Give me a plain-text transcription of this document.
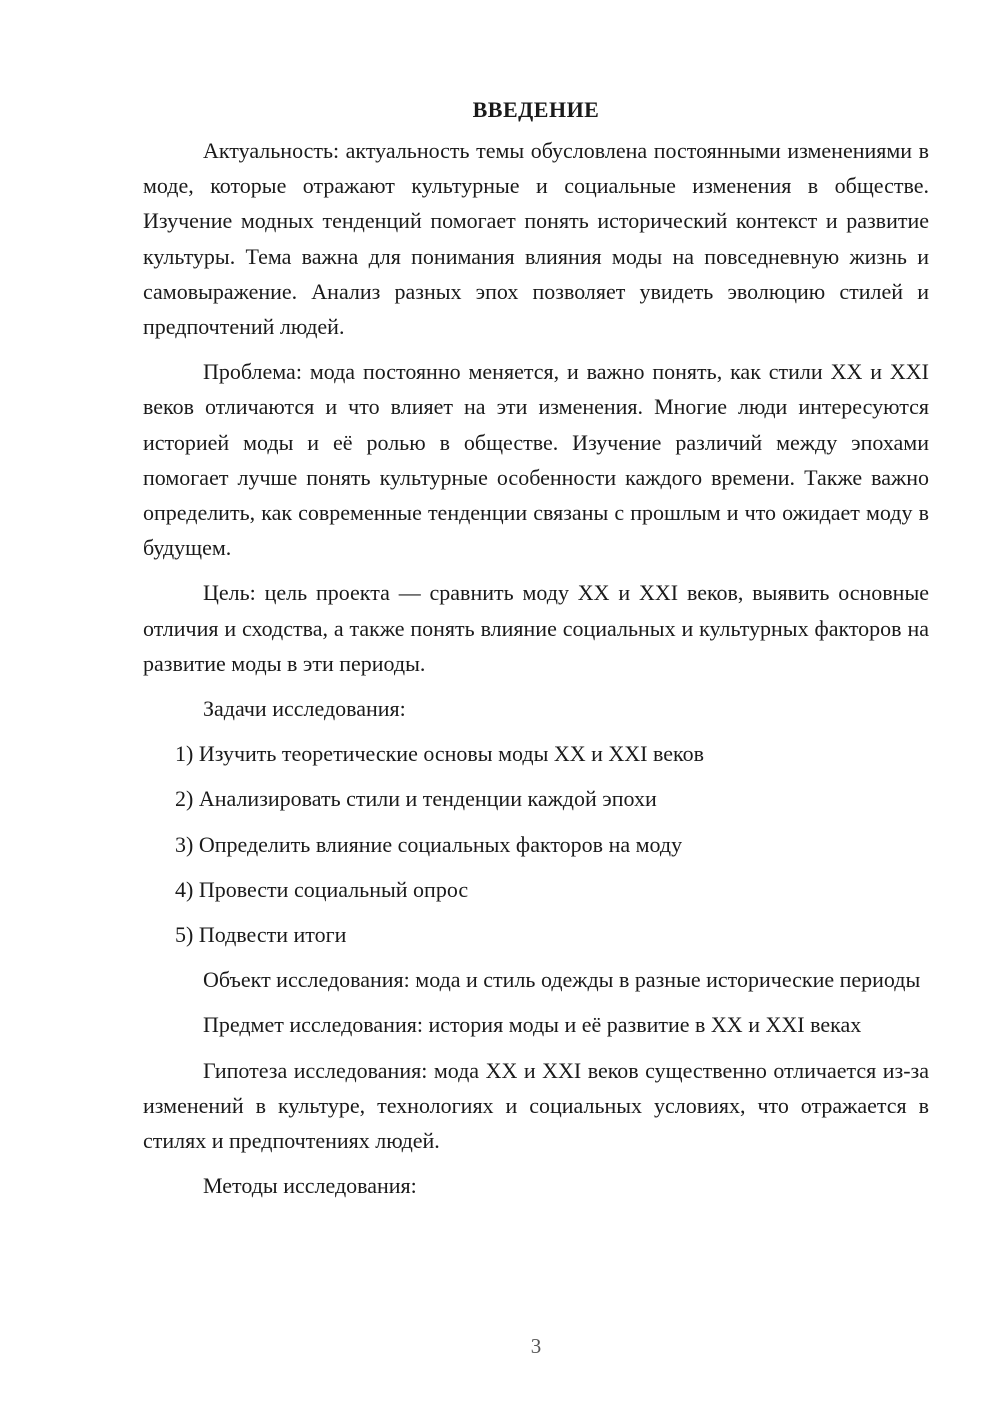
ВВЕДЕНИЕ

Актуальность: актуальность темы обусловлена постоянными изменениями в моде, которые отражают культурные и социальные изменения в обществе. Изучение модных тенденций помогает понять исторический контекст и развитие культуры. Тема важна для понимания влияния моды на повседневную жизнь и самовыражение. Анализ разных эпох позволяет увидеть эволюцию стилей и предпочтений людей.

Проблема: мода постоянно меняется, и важно понять, как стили XX и XXI веков отличаются и что влияет на эти изменения. Многие люди интересуются историей моды и её ролью в обществе. Изучение различий между эпохами помогает лучше понять культурные особенности каждого времени. Также важно определить, как современные тенденции связаны с прошлым и что ожидает моду в будущем.

Цель: цель проекта — сравнить моду XX и XXI веков, выявить основные отличия и сходства, а также понять влияние социальных и культурных факторов на развитие моды в эти периоды.

Задачи исследования:

1) Изучить теоретические основы моды XX и XXI веков
2) Анализировать стили и тенденции каждой эпохи
3) Определить влияние социальных факторов на моду
4) Провести социальный опрос
5) Подвести итоги

Объект исследования: мода и стиль одежды в разные исторические периоды

Предмет исследования: история моды и её развитие в XX и XXI веках

Гипотеза исследования: мода XX и XXI веков существенно отличается из-за изменений в культуре, технологиях и социальных условиях, что отражается в стилях и предпочтениях людей.

Методы исследования:

3
